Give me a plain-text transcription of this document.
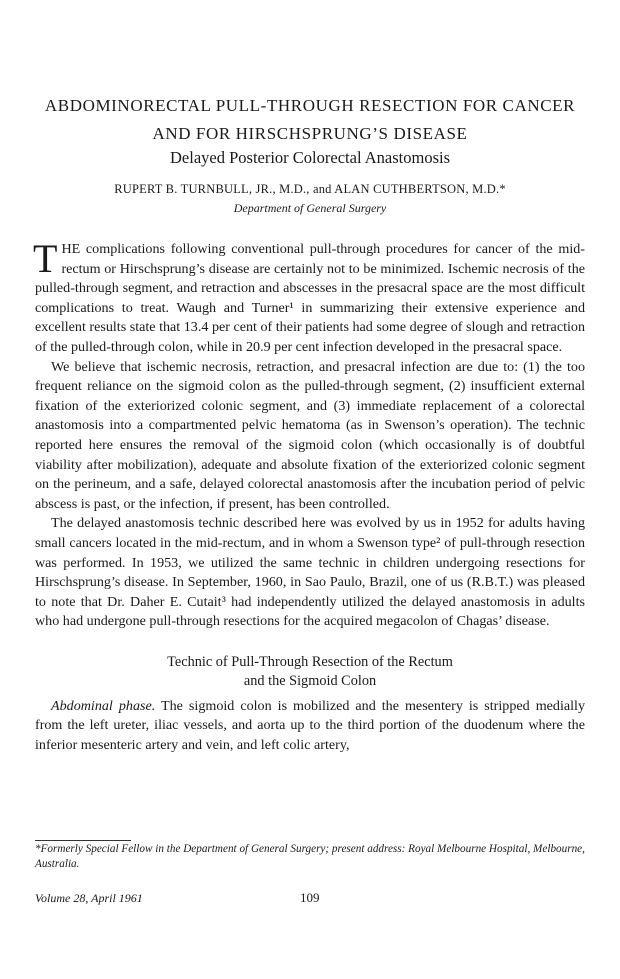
ABDOMINORECTAL PULL-THROUGH RESECTION FOR CANCER
AND FOR HIRSCHSPRUNG’S DISEASE
Delayed Posterior Colorectal Anastomosis
RUPERT B. TURNBULL, JR., M.D., and ALAN CUTHBERTSON, M.D.*
Department of General Surgery

THE complications following conventional pull-through procedures for cancer of the mid-rectum or Hirschsprung’s disease are certainly not to be minimized. Ischemic necrosis of the pulled-through segment, and retraction and abscesses in the presacral space are the most difficult complications to treat. Waugh and Turner¹ in summarizing their extensive experience and excellent results state that 13.4 per cent of their patients had some degree of slough and retraction of the pulled-through colon, while in 20.9 per cent infection developed in the presacral space.

We believe that ischemic necrosis, retraction, and presacral infection are due to: (1) the too frequent reliance on the sigmoid colon as the pulled-through segment, (2) insufficient external fixation of the exteriorized colonic segment, and (3) immediate replacement of a colorectal anastomosis into a compartmented pelvic hematoma (as in Swenson’s operation). The technic reported here ensures the removal of the sigmoid colon (which occasionally is of doubtful viability after mobilization), adequate and absolute fixation of the exteriorized colonic segment on the perineum, and a safe, delayed colorectal anastomosis after the incubation period of pelvic abscess is past, or the infection, if present, has been controlled.

The delayed anastomosis technic described here was evolved by us in 1952 for adults having small cancers located in the mid-rectum, and in whom a Swenson type² of pull-through resection was performed. In 1953, we utilized the same technic in children undergoing resections for Hirschsprung’s disease. In September, 1960, in Sao Paulo, Brazil, one of us (R.B.T.) was pleased to note that Dr. Daher E. Cutait³ had independently utilized the delayed anastomosis in adults who had undergone pull-through resections for the acquired megacolon of Chagas’ disease.

Technic of Pull-Through Resection of the Rectum
and the Sigmoid Colon

Abdominal phase. The sigmoid colon is mobilized and the mesentery is stripped medially from the left ureter, iliac vessels, and aorta up to the third portion of the duodenum where the inferior mesenteric artery and vein, and left colic artery,

*Formerly Special Fellow in the Department of General Surgery; present address: Royal Melbourne Hospital, Melbourne, Australia.
Volume 28, April 1961	109
